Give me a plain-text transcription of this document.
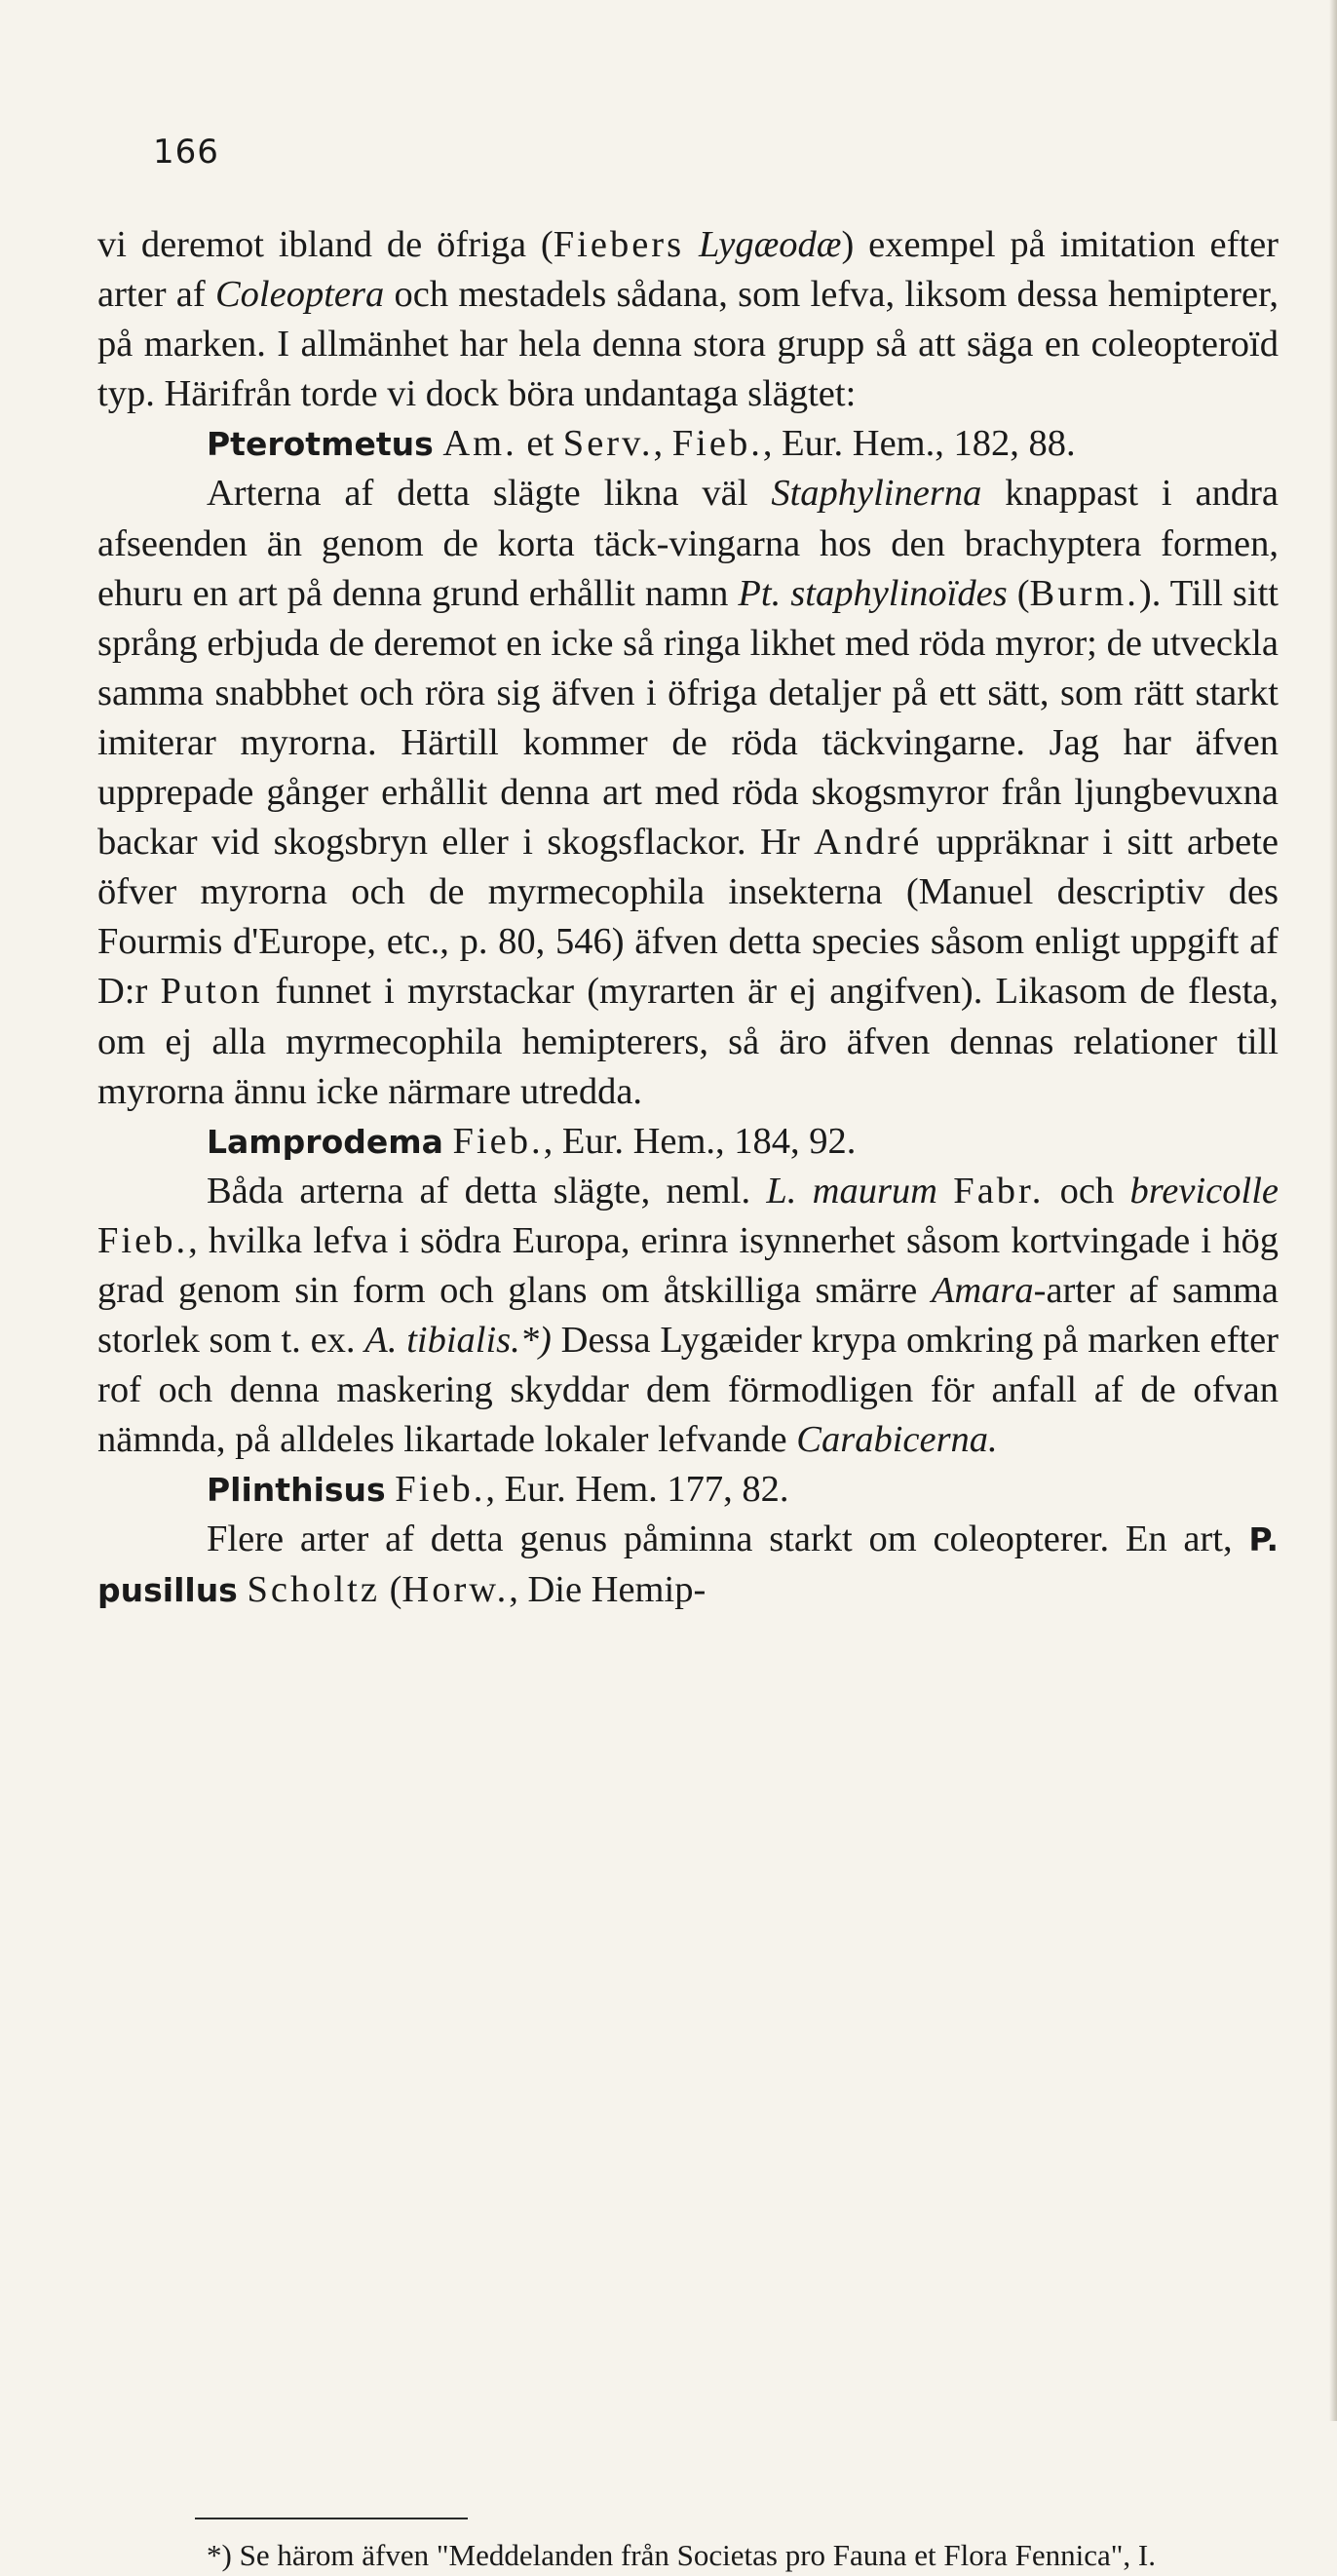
166

vi deremot ibland de öfriga (Fiebers Lygæodæ) exempel på imitation efter arter af Coleoptera och mestadels sådana, som lefva, liksom dessa hemipterer, på marken. I allmänhet har hela denna stora grupp så att säga en coleopteroïd typ. Härifrån torde vi dock böra undantaga slägtet:

Pterotmetus Am. et Serv., Fieb., Eur. Hem., 182, 88.

Arterna af detta slägte likna väl Staphylinerna knappast i andra afseenden än genom de korta täck-vingarna hos den brachyptera formen, ehuru en art på denna grund erhållit namn Pt. staphylinoïdes (Burm.). Till sitt språng erbjuda de deremot en icke så ringa likhet med röda myror; de utveckla samma snabbhet och röra sig äfven i öfriga detaljer på ett sätt, som rätt starkt imiterar myrorna. Härtill kommer de röda täckvingarne. Jag har äfven upprepade gånger erhållit denna art med röda skogsmyror från ljungbevuxna backar vid skogsbryn eller i skogsflackor. Hr André uppräknar i sitt arbete öfver myrorna och de myrmecophila insekterna (Manuel descriptiv des Fourmis d'Europe, etc., p. 80, 546) äfven detta species såsom enligt uppgift af D:r Puton funnet i myrstackar (myrarten är ej angifven). Likasom de flesta, om ej alla myrmecophila hemipterers, så äro äfven dennas relationer till myrorna ännu icke närmare utredda.

Lamprodema Fieb., Eur. Hem., 184, 92.

Båda arterna af detta slägte, neml. L. maurum Fabr. och brevicolle Fieb., hvilka lefva i södra Europa, erinra isynnerhet såsom kortvingade i hög grad genom sin form och glans om åtskilliga smärre Amara-arter af samma storlek som t. ex. A. tibialis.*) Dessa Lygæider krypa omkring på marken efter rof och denna maskering skyddar dem förmodligen för anfall af de ofvan nämnda, på alldeles likartade lokaler lefvande Carabicerna.

Plinthisus Fieb., Eur. Hem. 177, 82.

Flere arter af detta genus påminna starkt om coleopterer. En art, P. pusillus Scholtz (Horw., Die Hemip-

*) Se härom äfven "Meddelanden från Societas pro Fauna et Flora Fennica", I.
